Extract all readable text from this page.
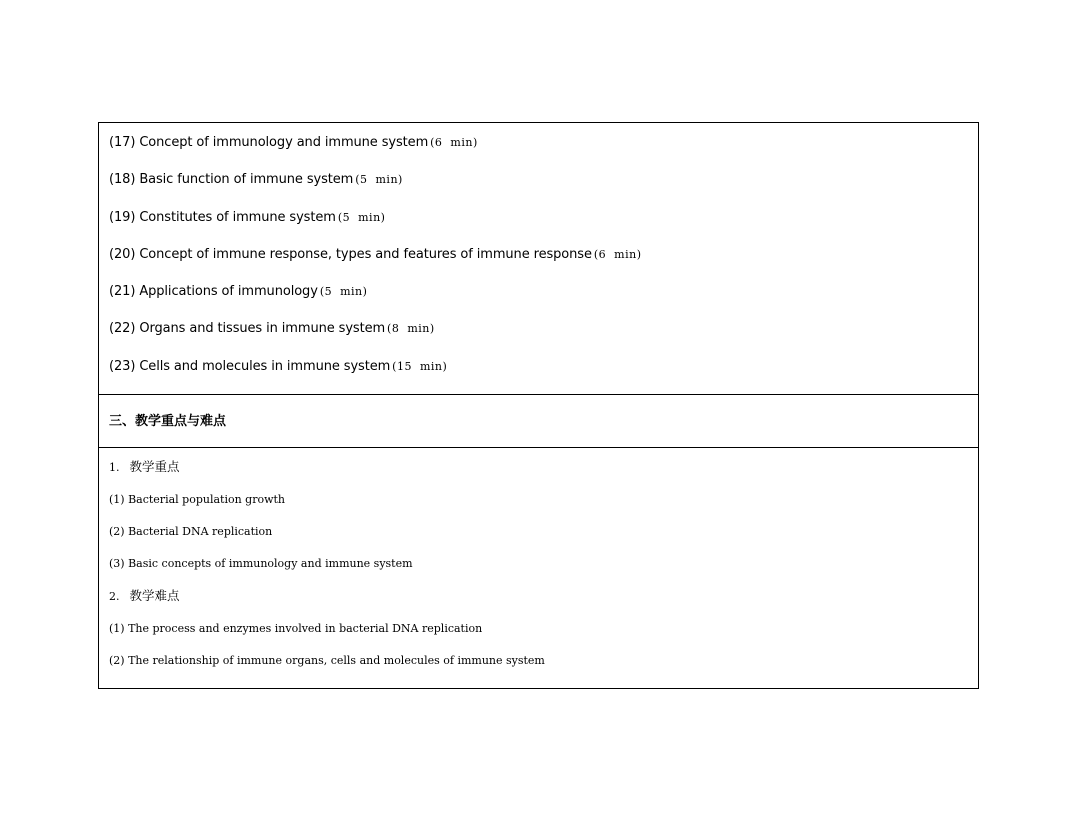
(17) Concept of immunology and immune system (6 min)
(18) Basic function of immune system (5 min)
(19) Constitutes of immune system (5 min)
(20) Concept of immune response, types and features of immune response (6 min)
(21) Applications of immunology (5 min)
(22) Organs and tissues in immune system (8 min)
(23) Cells and molecules in immune system (15 min)
三、教学重点与难点
1. 教学重点
(1) Bacterial population growth
(2) Bacterial DNA replication
(3) Basic concepts of immunology and immune system
2. 教学难点
(1) The process and enzymes involved in bacterial DNA replication
(2) The relationship of immune organs, cells and molecules of immune system
